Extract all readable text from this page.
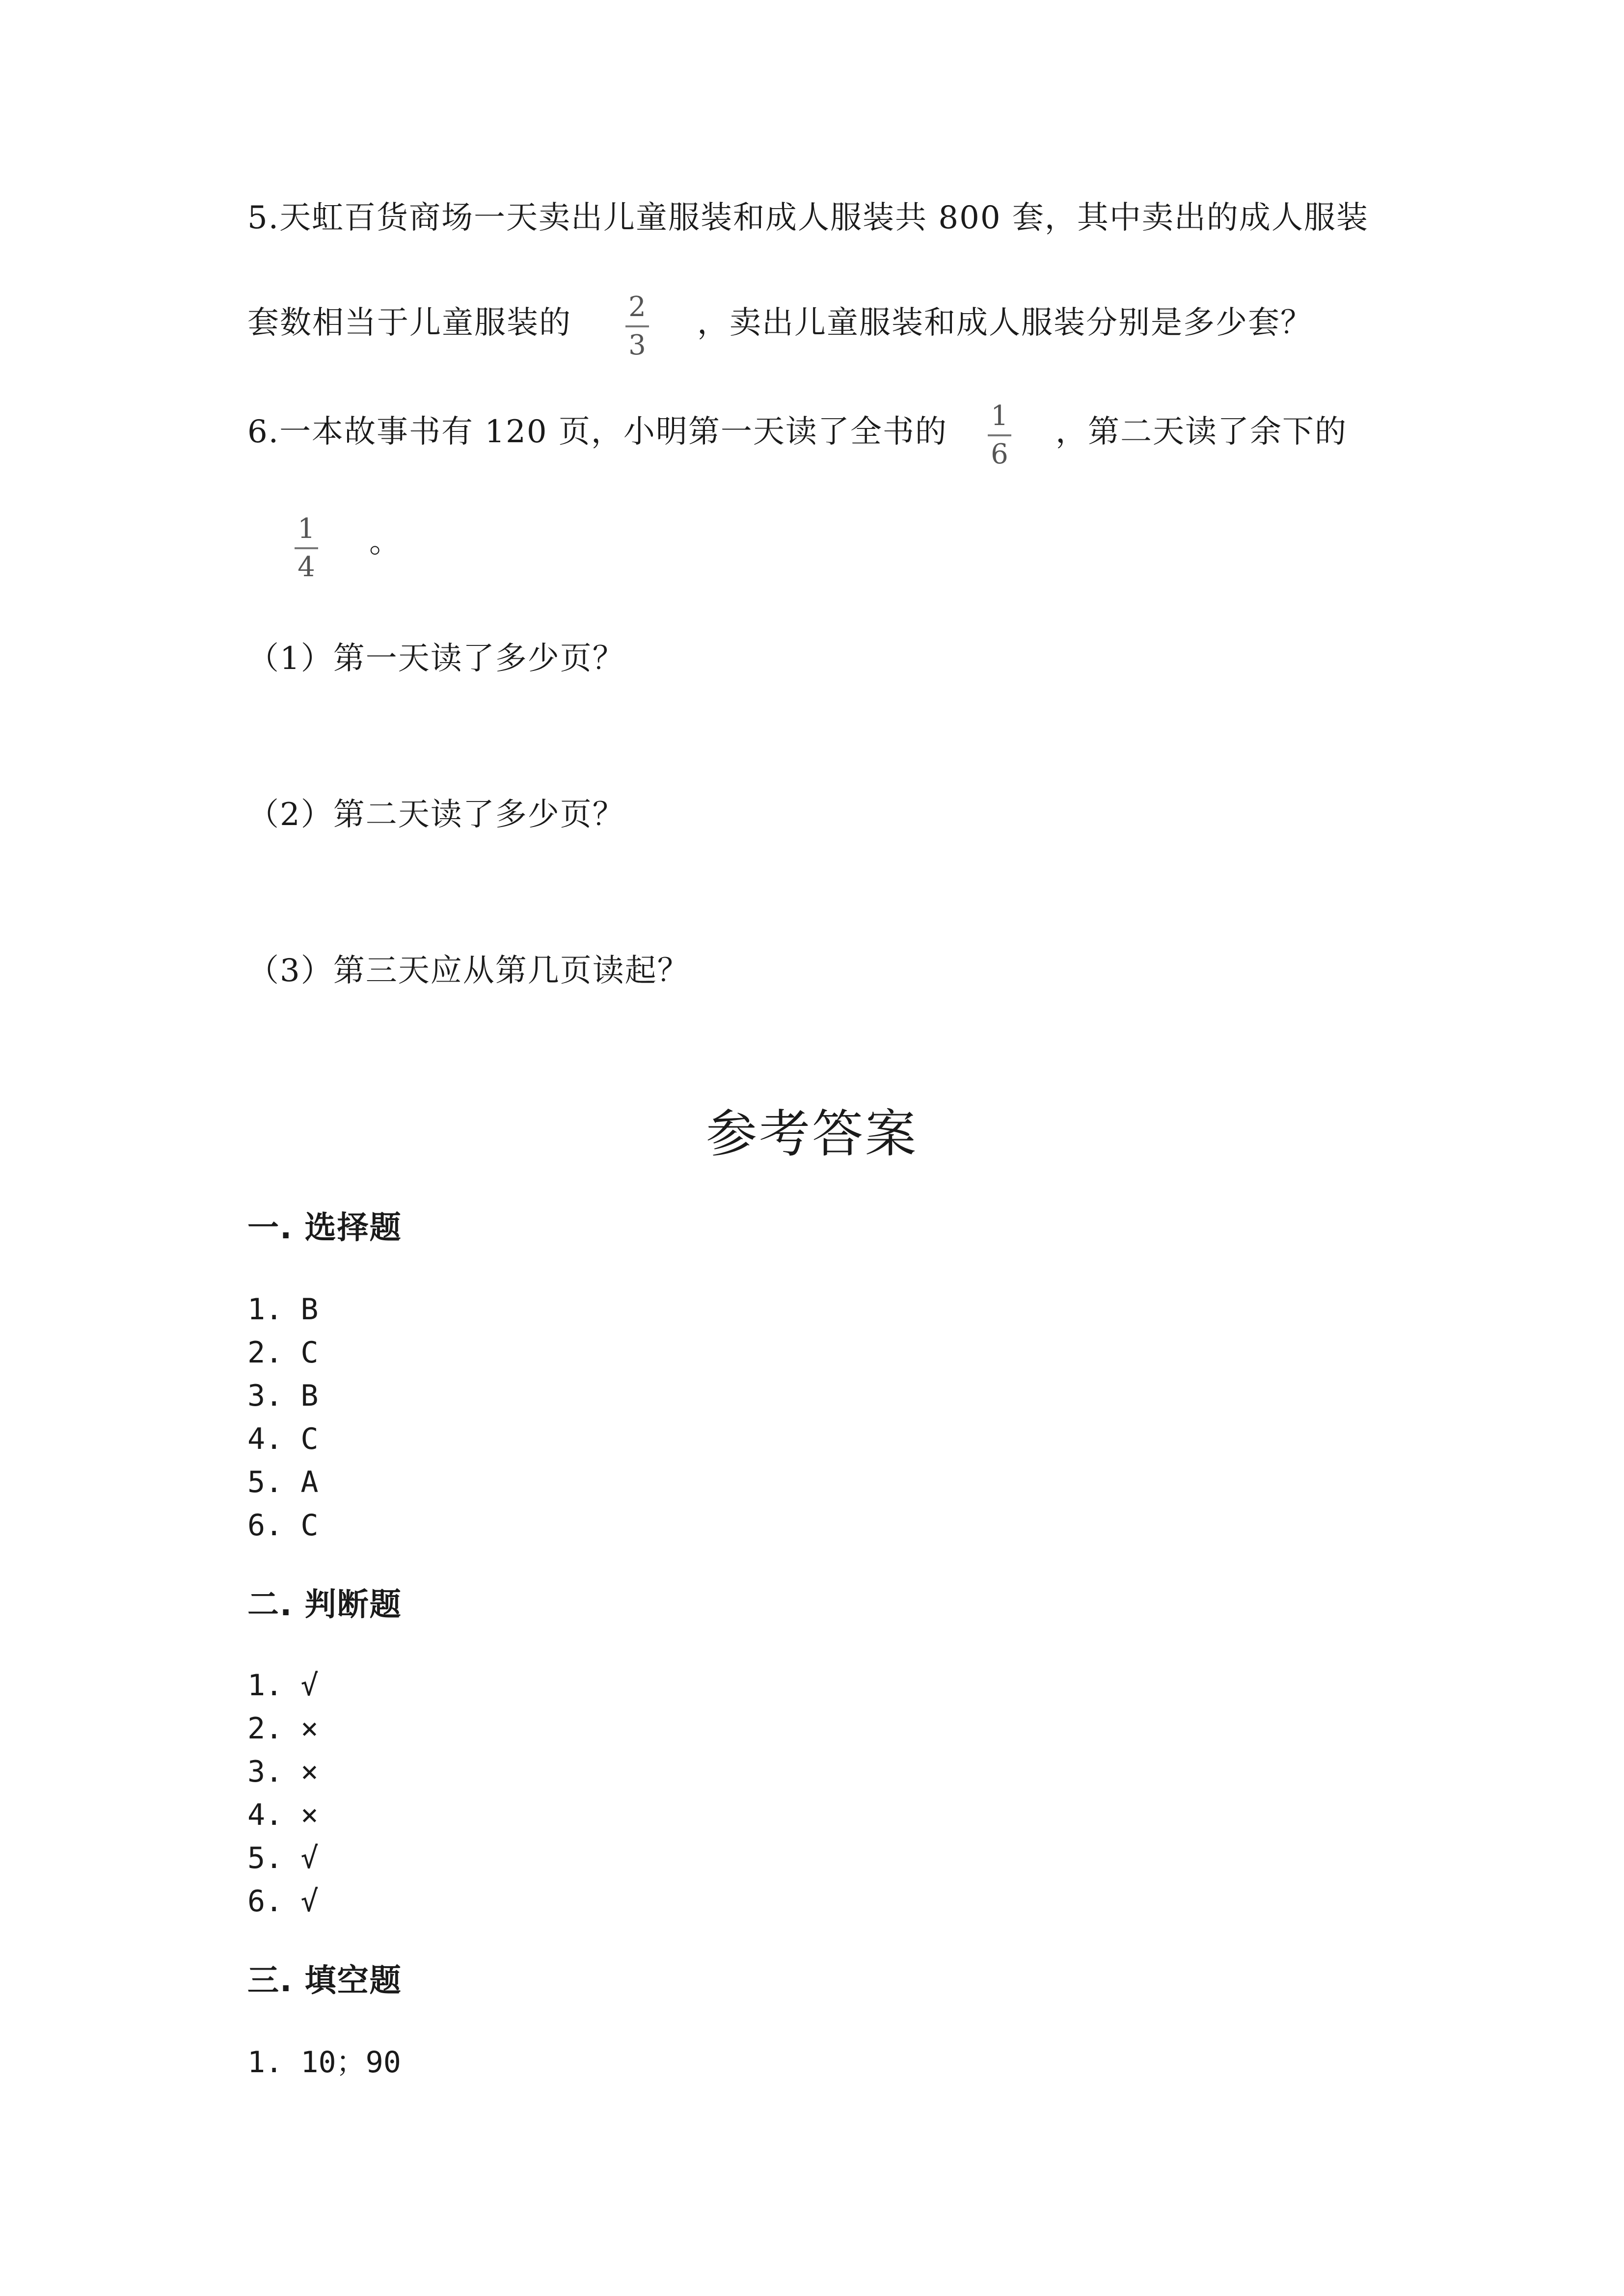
5.天虹百货商场一天卖出儿童服装和成人服装共 800 套，其中卖出的成人服装
套数相当于儿童服装的 2
3
，卖出儿童服装和成人服装分别是多少套？
6.一本故事书有 120 页，小明第一天读了全书的 1
6
，第二天读了余下的
1
4
。
（1）第一天读了多少页？
（2）第二天读了多少页？
（3）第三天应从第几页读起？
参考答案
一. 选择题
1. B
2. C
3. B
4. C
5. A
6. C
二. 判断题
1. √
2. ×
3. ×
4. ×
5. √
6. √
三. 填空题
1. 10；90
